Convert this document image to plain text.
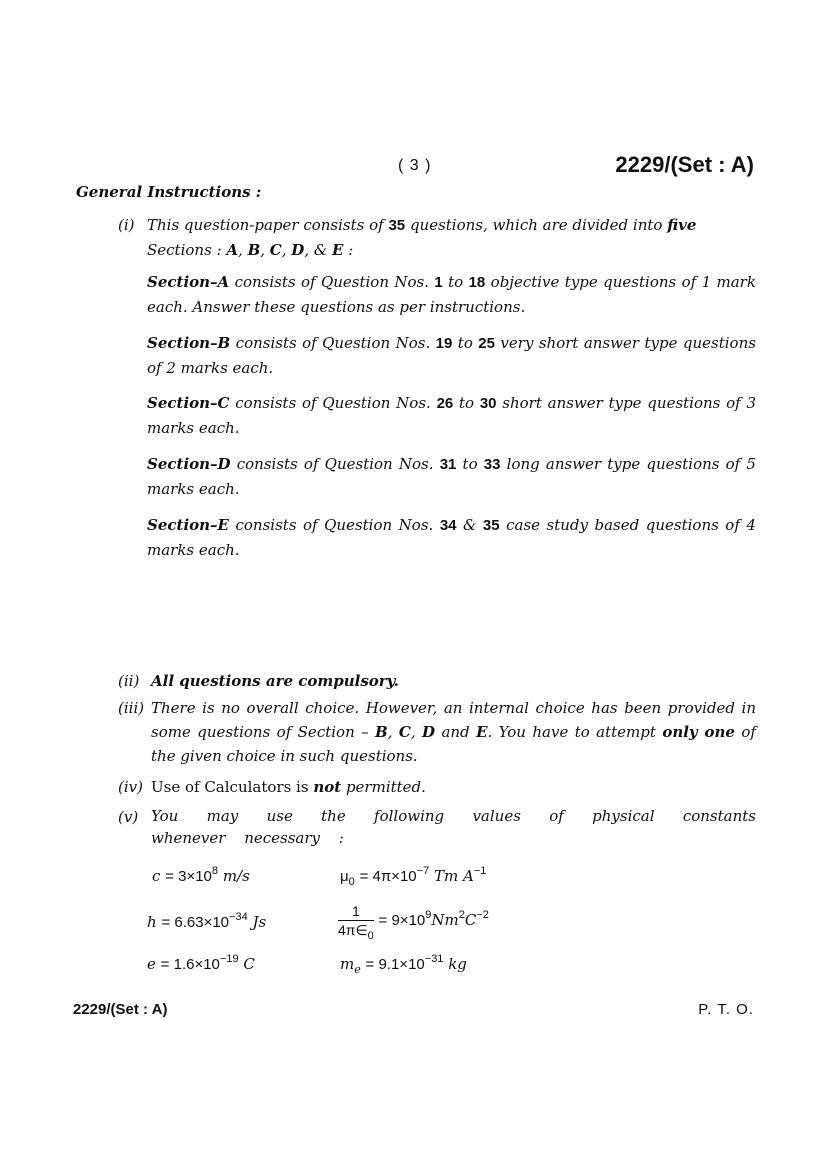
( 3 )	2229/(Set : A)
General Instructions :
(i) This question-paper consists of 35 questions, which are divided into five
Sections : A, B, C, D, & E :
Section–A consists of Question Nos. 1 to 18 objective type questions of 1 mark each. Answer these questions as per instructions.
Section–B consists of Question Nos. 19 to 25 very short answer type questions of 2 marks each.
Section–C consists of Question Nos. 26 to 30 short answer type questions of 3 marks each.
Section–D consists of Question Nos. 31 to 33 long answer type questions of 5 marks each.
Section–E consists of Question Nos. 34 & 35 case study based questions of 4 marks each.
(ii) All questions are compulsory.
(iii) There is no overall choice. However, an internal choice has been provided in some questions of Section – B, C, D and E. You have to attempt only one of the given choice in such questions.
(iv) Use of Calculators is not permitted.
(v) You may use the following values of physical constants whenever necessary :
$c = 3\times 10^8$ m/s	$\mu_0 = 4\pi\times 10^{-7}$ Tm $A^{-1}$
$h = 6.63\times 10^{-34}$ Js	$\frac{1}{4\pi\in_0} = 9\times 10^9Nm^2C^{-2}$
$e = 1.6\times 10^{-19}$ C	$m_e = 9.1\times 10^{-31}$ kg
2229/(Set : A)	P. T. O.
